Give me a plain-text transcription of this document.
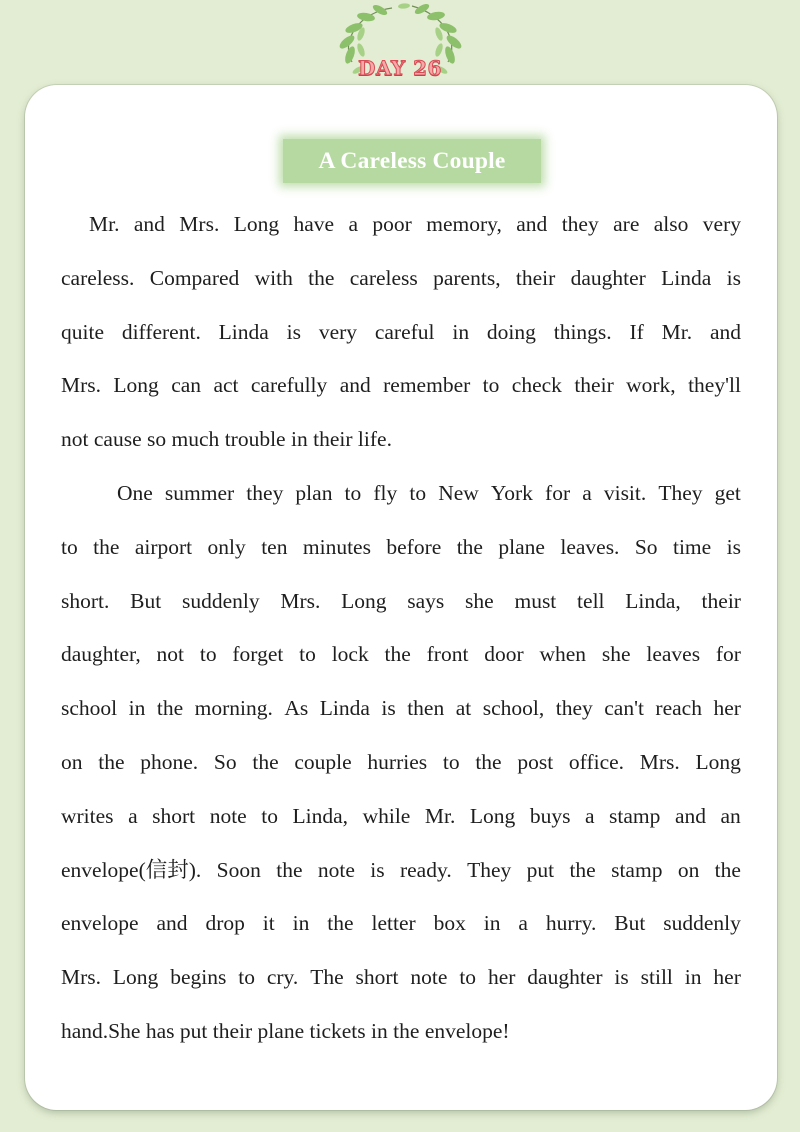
DAY 26
A Careless Couple
Mr. and Mrs. Long have a poor memory, and they are also very
careless. Compared with the careless parents, their daughter Linda is
quite different. Linda is very careful in doing things. If Mr. and
Mrs. Long can act carefully and remember to check their work, they'll
not cause so much trouble in their life.
One summer they plan to fly to New York for a visit. They get
to the airport only ten minutes before the plane leaves. So time is
short. But suddenly Mrs. Long says she must tell Linda, their
daughter, not to forget to lock the front door when she leaves for
school in the morning. As Linda is then at school, they can't reach her
on the phone. So the couple hurries to the post office. Mrs. Long
writes a short note to Linda, while Mr. Long buys a stamp and an
envelope(信封). Soon the note is ready. They put the stamp on the
envelope and drop it in the letter box in a hurry. But suddenly
Mrs. Long begins to cry. The short note to her daughter is still in her
hand.She has put their plane tickets in the envelope!
